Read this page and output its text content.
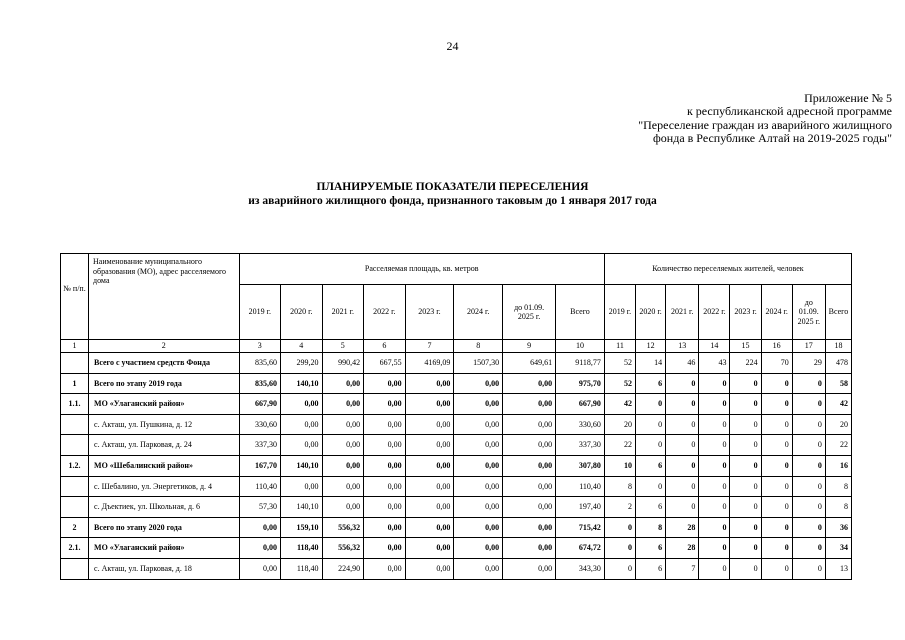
24
Приложение № 5
к республиканской адресной программе
"Переселение граждан из аварийного жилищного
фонда в Республике Алтай на 2019-2025 годы"
ПЛАНИРУЕМЫЕ ПОКАЗАТЕЛИ ПЕРЕСЕЛЕНИЯ
из аварийного жилищного фонда, признанного таковым до 1 января 2017 года
№ п/п.	Наименование муниципального образования (МО), адрес расселяемого дома	Расселяемая площадь, кв. метров								Количество переселяемых жителей, человек							
		2019 г.	2020 г.	2021 г.	2022 г.	2023 г.	2024 г.	до 01.09. 2025 г.	Всего	2019 г.	2020 г.	2021 г.	2022 г.	2023 г.	2024 г.	до 01.09. 2025 г.	Всего
1	2	3	4	5	6	7	8	9	10	11	12	13	14	15	16	17	18
	Всего с участием средств Фонда	835,60	299,20	990,42	667,55	4169,09	1507,30	649,61	9118,77	52	14	46	43	224	70	29	478
1	Всего по этапу 2019 года	835,60	140,10	0,00	0,00	0,00	0,00	0,00	975,70	52	6	0	0	0	0	0	58
1.1.	МО «Улаганский район»	667,90	0,00	0,00	0,00	0,00	0,00	0,00	667,90	42	0	0	0	0	0	0	42
	с. Акташ, ул. Пушкина, д. 12	330,60	0,00	0,00	0,00	0,00	0,00	0,00	330,60	20	0	0	0	0	0	0	20
	с. Акташ, ул. Парковая, д. 24	337,30	0,00	0,00	0,00	0,00	0,00	0,00	337,30	22	0	0	0	0	0	0	22
1.2.	МО «Шебалинский район»	167,70	140,10	0,00	0,00	0,00	0,00	0,00	307,80	10	6	0	0	0	0	0	16
	с. Шебалино, ул. Энергетиков, д. 4	110,40	0,00	0,00	0,00	0,00	0,00	0,00	110,40	8	0	0	0	0	0	0	8
	с. Дъектиек, ул. Школьная, д. 6	57,30	140,10	0,00	0,00	0,00	0,00	0,00	197,40	2	6	0	0	0	0	0	8
2	Всего по этапу 2020 года	0,00	159,10	556,32	0,00	0,00	0,00	0,00	715,42	0	8	28	0	0	0	0	36
2.1.	МО «Улаганский район»	0,00	118,40	556,32	0,00	0,00	0,00	0,00	674,72	0	6	28	0	0	0	0	34
	с. Акташ, ул. Парковая, д. 18	0,00	118,40	224,90	0,00	0,00	0,00	0,00	343,30	0	6	7	0	0	0	0	13
